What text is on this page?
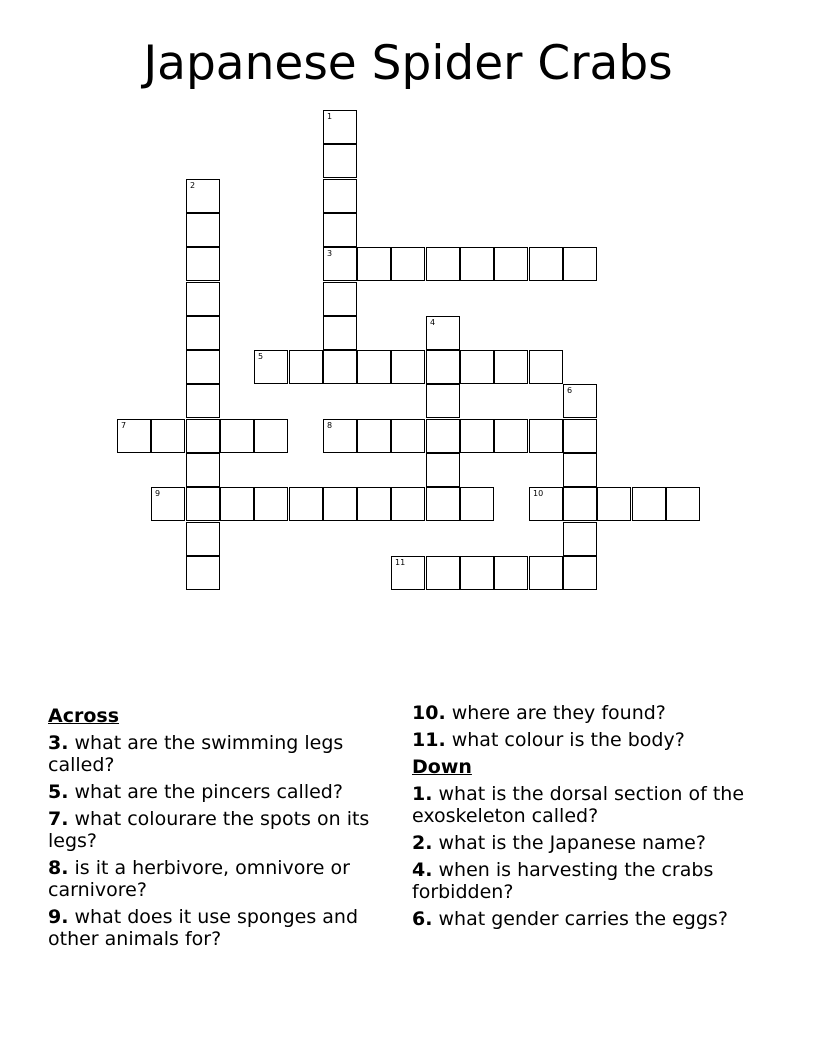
Japanese Spider Crabs
1
3
2
4
5
6
7	8
9	10
11
Across
3. what are the swimming legs called?
5. what are the pincers called?
7. what colourare the spots on its legs?
8. is it a herbivore, omnivore or carnivore?
9. what does it use sponges and other animals for?
10. where are they found?
11. what colour is the body?
Down
1. what is the dorsal section of the exoskeleton called?
2. what is the Japanese name?
4. when is harvesting the crabs forbidden?
6. what gender carries the eggs?
